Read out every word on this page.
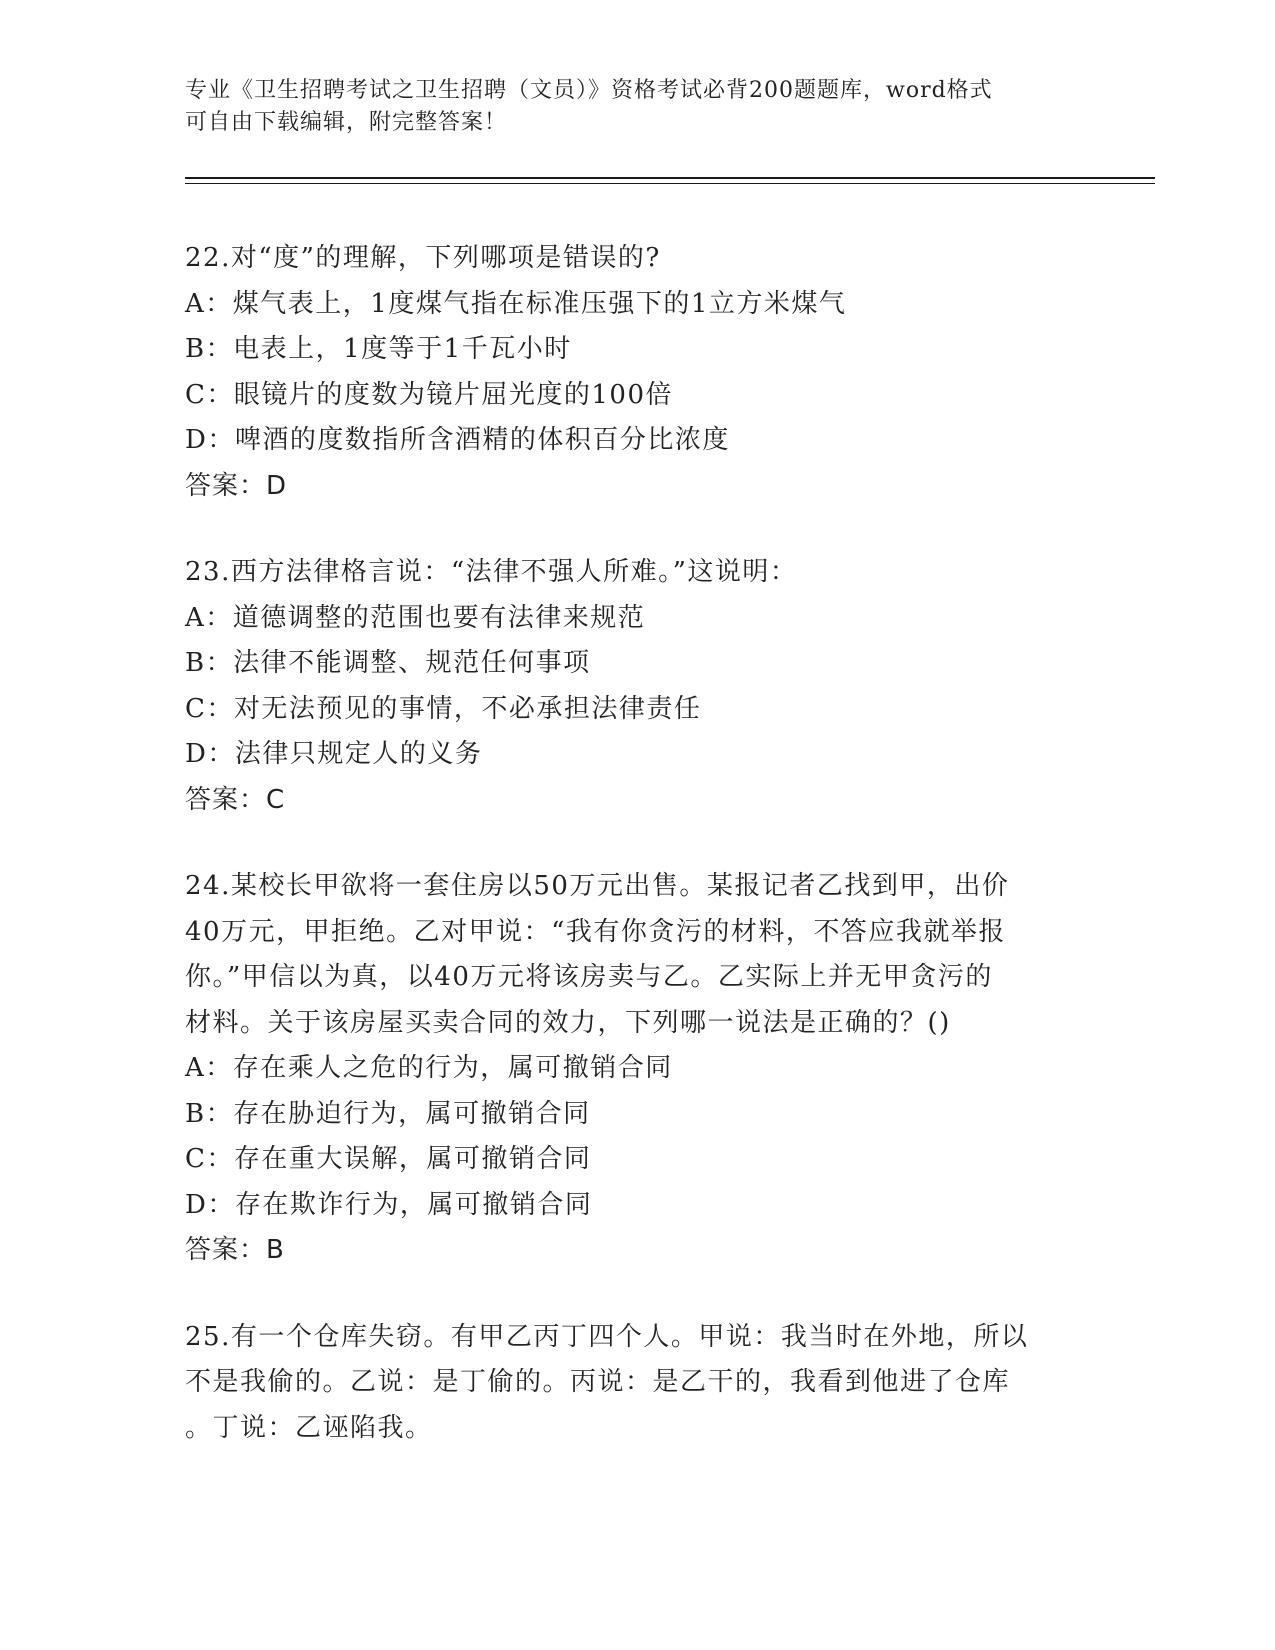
专业《卫生招聘考试之卫生招聘（文员）》资格考试必背200题题库，word格式
可自由下载编辑，附完整答案！
22.对“度”的理解，下列哪项是错误的?
A：煤气表上，1度煤气指在标准压强下的1立方米煤气
B：电表上，1度等于1千瓦小时
C：眼镜片的度数为镜片屈光度的100倍
D：啤酒的度数指所含酒精的体积百分比浓度
答案：D
23.西方法律格言说：“法律不强人所难。”这说明：
A：道德调整的范围也要有法律来规范
B：法律不能调整、规范任何事项
C：对无法预见的事情，不必承担法律责任
D：法律只规定人的义务
答案：C
24.某校长甲欲将一套住房以50万元出售。某报记者乙找到甲，出价
40万元，甲拒绝。乙对甲说：“我有你贪污的材料，不答应我就举报
你。”甲信以为真，以40万元将该房卖与乙。乙实际上并无甲贪污的
材料。关于该房屋买卖合同的效力，下列哪一说法是正确的？()
A：存在乘人之危的行为，属可撤销合同
B：存在胁迫行为，属可撤销合同
C：存在重大误解，属可撤销合同
D：存在欺诈行为，属可撤销合同
答案：B
25.有一个仓库失窃。有甲乙丙丁四个人。甲说：我当时在外地，所以
不是我偷的。乙说：是丁偷的。丙说：是乙干的，我看到他进了仓库
。丁说：乙诬陷我。
